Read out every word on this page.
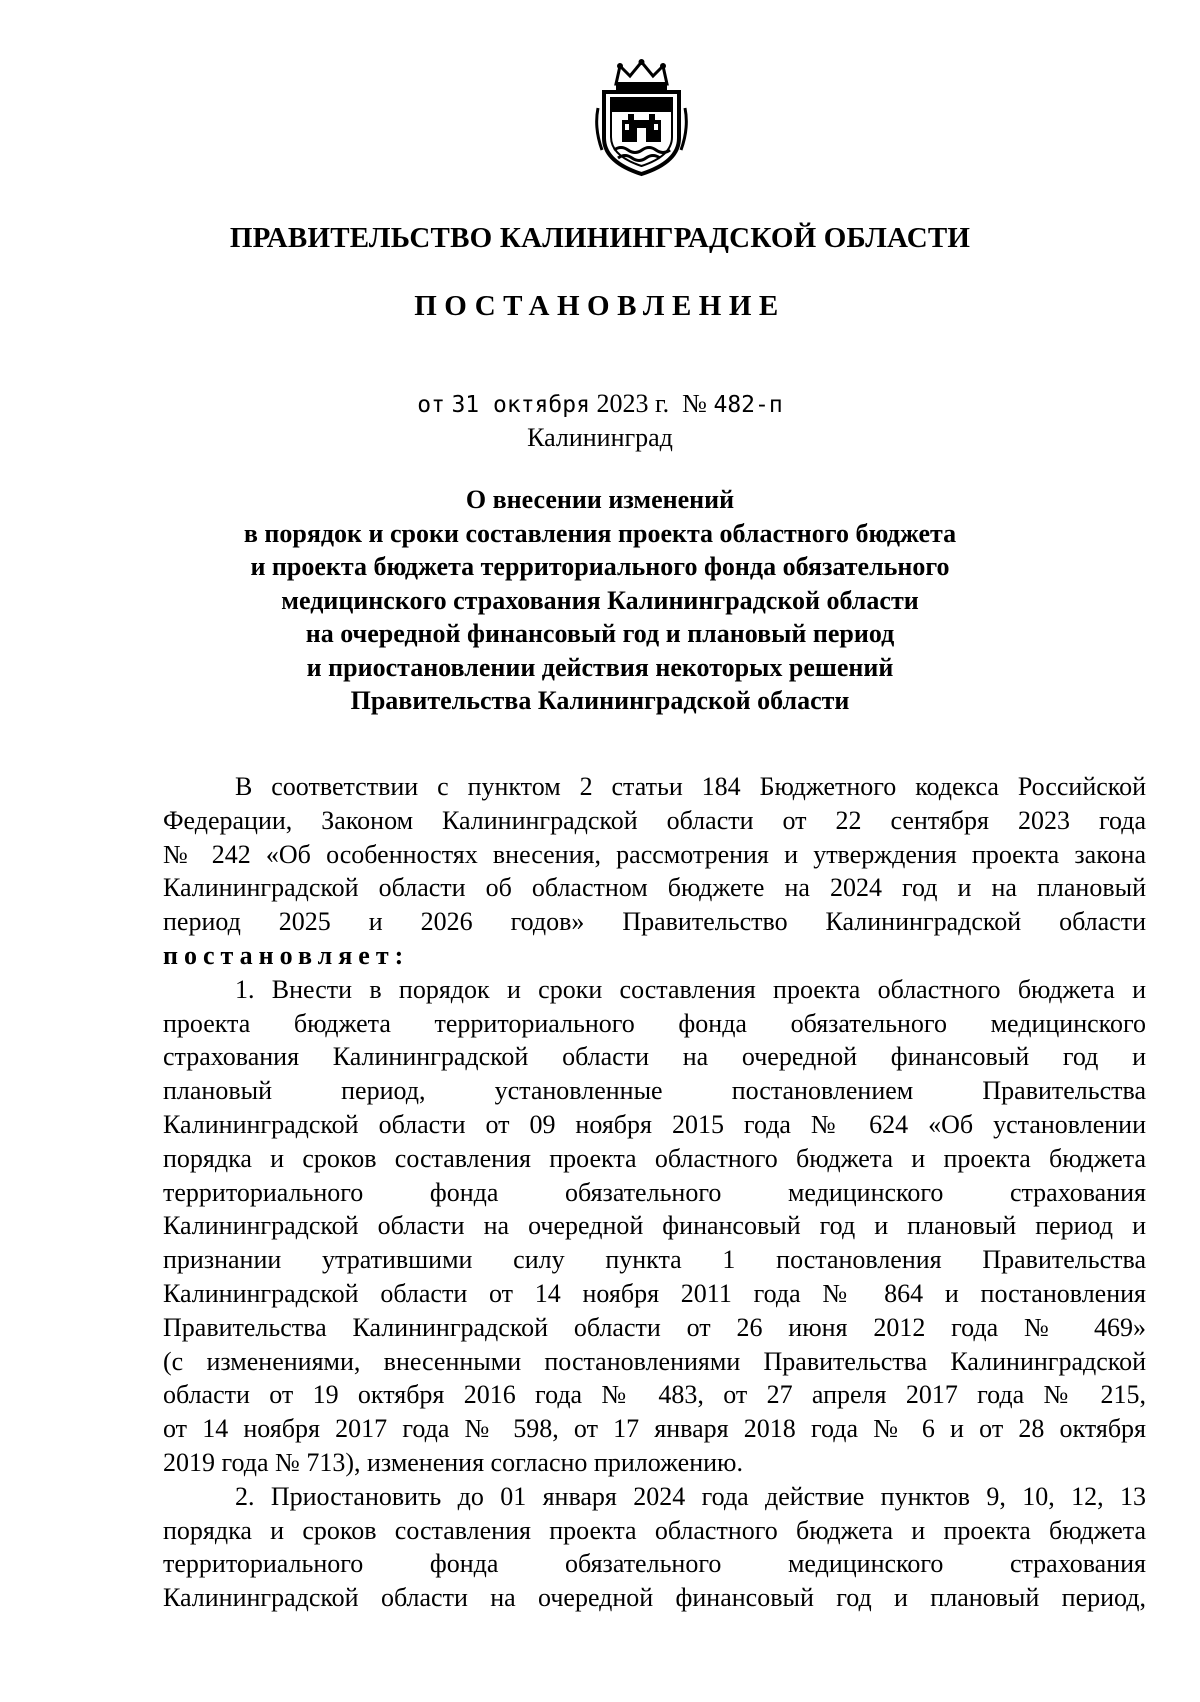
ПРАВИТЕЛЬСТВО КАЛИНИНГРАДСКОЙ ОБЛАСТИ
ПОСТАНОВЛЕНИЕ
от 31 октября 2023 г. № 482-п
Калининград
О внесении изменений
в порядок и сроки составления проекта областного бюджета
и проекта бюджета территориального фонда обязательного
медицинского страхования Калининградской области
на очередной финансовый год и плановый период
и приостановлении действия некоторых решений
Правительства Калининградской области
В соответствии с пунктом 2 статьи 184 Бюджетного кодекса Российской
Федерации, Законом Калининградской области от 22 сентября 2023 года
№ 242 «Об особенностях внесения, рассмотрения и утверждения проекта закона
Калининградской области об областном бюджете на 2024 год и на плановый
период 2025 и 2026 годов» Правительство Калининградской области
постановляет:
1. Внести в порядок и сроки составления проекта областного бюджета и
проекта бюджета территориального фонда обязательного медицинского
страхования Калининградской области на очередной финансовый год и
плановый период, установленные постановлением Правительства
Калининградской области от 09 ноября 2015 года № 624 «Об установлении
порядка и сроков составления проекта областного бюджета и проекта бюджета
территориального фонда обязательного медицинского страхования
Калининградской области на очередной финансовый год и плановый период и
признании утратившими силу пункта 1 постановления Правительства
Калининградской области от 14 ноября 2011 года № 864 и постановления
Правительства Калининградской области от 26 июня 2012 года № 469»
(с изменениями, внесенными постановлениями Правительства Калининградской
области от 19 октября 2016 года № 483, от 27 апреля 2017 года № 215,
от 14 ноября 2017 года № 598, от 17 января 2018 года № 6 и от 28 октября
2019 года № 713), изменения согласно приложению.
2. Приостановить до 01 января 2024 года действие пунктов 9, 10, 12, 13
порядка и сроков составления проекта областного бюджета и проекта бюджета
территориального фонда обязательного медицинского страхования
Калининградской области на очередной финансовый год и плановый период,
